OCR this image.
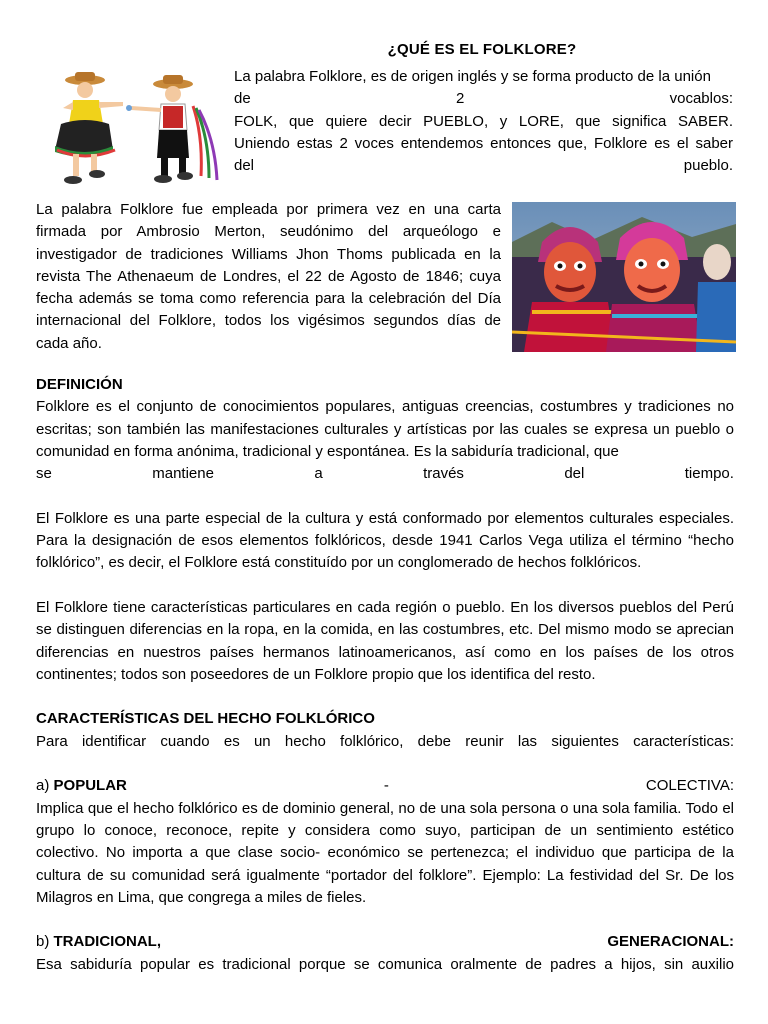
¿QUÉ ES EL FOLKLORE?
La palabra Folklore, es de origen inglés y se forma producto de la unión
de	2	vocablos:
FOLK, que quiere decir PUEBLO, y LORE, que significa SABER.
Uniendo estas 2 voces entendemos entonces que, Folklore es el saber
del	pueblo.
La palabra Folklore fue empleada por primera vez en una carta firmada por Ambrosio Merton, seudónimo del arqueólogo e investigador de tradiciones Williams Jhon Thoms publicada en la revista The Athenaeum de Londres, el 22 de Agosto de 1846; cuya fecha además se toma como referencia para la celebración del Día internacional del Folklore, todos los vigésimos segundos días de cada año.

DEFINICIÓN

Folklore es el conjunto de conocimientos populares, antiguas creencias, costumbres y tradiciones no escritas; son también las manifestaciones culturales y artísticas por las cuales se expresa un pueblo o comunidad en forma anónima, tradicional y espontánea. Es la sabiduría tradicional, que

se	mantiene	a	través	del	tiempo.

El Folklore es una parte especial de la cultura y está conformado por elementos culturales especiales. Para la designación de esos elementos folklóricos, desde 1941 Carlos Vega utiliza el término “hecho folklórico”, es decir, el Folklore está constituído por un conglomerado de hechos folklóricos.

El Folklore tiene características particulares en cada región o pueblo. En los diversos pueblos del Perú se distinguen diferencias en la ropa, en la comida, en las costumbres, etc. Del mismo modo se aprecian diferencias en nuestros países hermanos latinoamericanos, así como en los países de los otros continentes; todos son poseedores de un Folklore propio que los identifica del resto.

CARACTERÍSTICAS DEL HECHO FOLKLÓRICO

Para identificar cuando es un hecho folklórico, debe reunir las siguientes características:

a) POPULAR	-	COLECTIVA:

Implica que el hecho folklórico es de dominio general, no de una sola persona o una sola familia. Todo el grupo lo conoce, reconoce, repite y considera como suyo, participan de un sentimiento estético colectivo. No importa a que clase socio- económico se pertenezca; el individuo que participa de la cultura de su comunidad será igualmente “portador del folklore”. Ejemplo: La festividad del Sr. De los Milagros en Lima, que congrega a miles de fieles.

b) TRADICIONAL,	GENERACIONAL:

Esa sabiduría popular es tradicional porque se comunica oralmente de padres a hijos, sin auxilio
